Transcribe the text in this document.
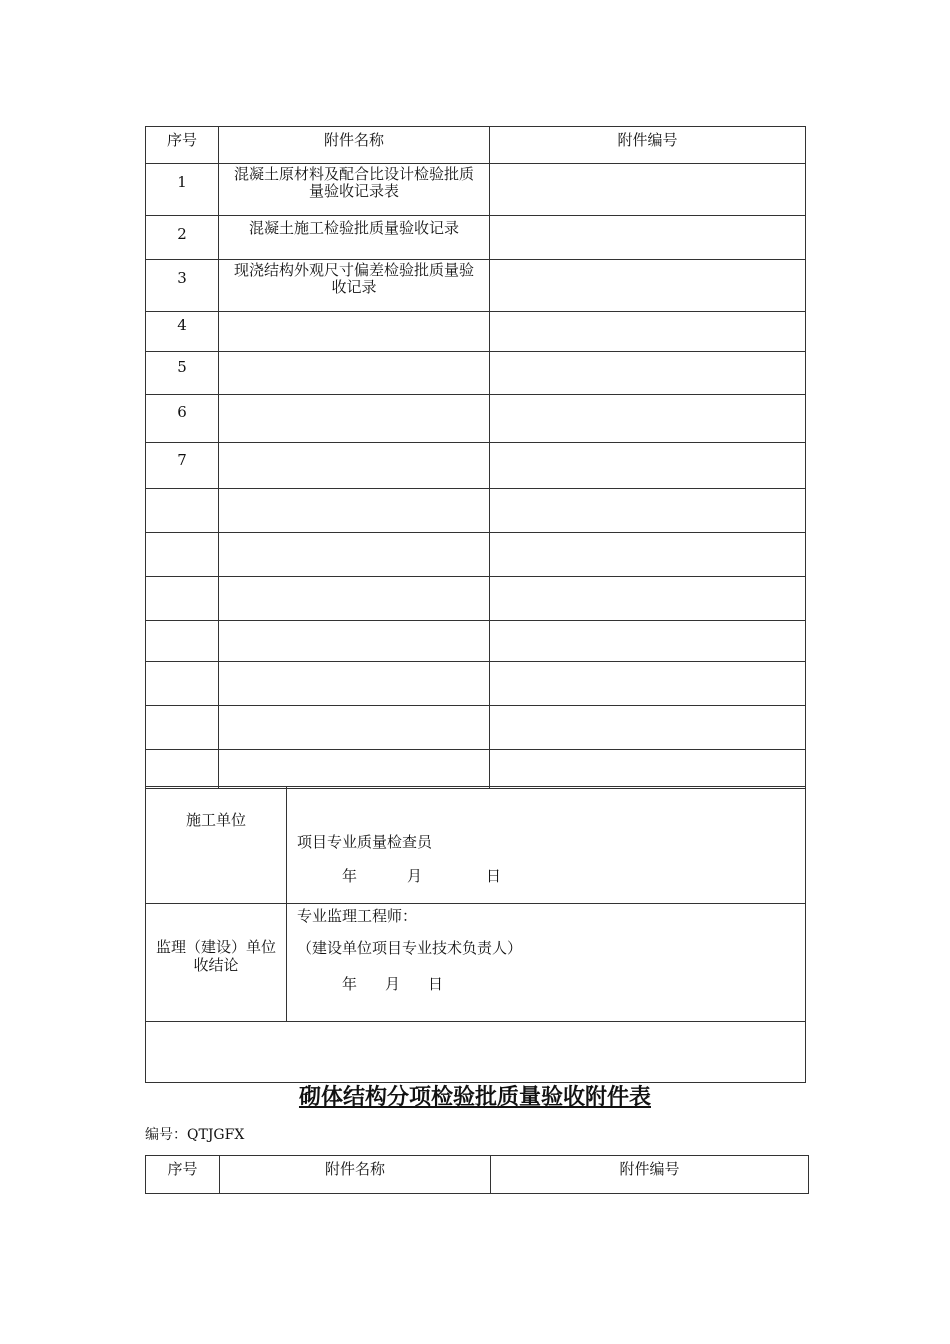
序号	附件名称	附件编号
1	混凝土原材料及配合比设计检验批质量验收记录表	
2	混凝土施工检验批质量验收记录	
3	现浇结构外观尺寸偏差检验批质量验收记录	
4		
5		
6		
7		

施工单位	项目专业质量检查员
年 月 日

监理（建设）单位收结论	专业监理工程师：
（建设单位项目专业技术负责人）
年 月 日

砌体结构分项检验批质量验收附件表
编号：QTJGFX
序号	附件名称	附件编号
